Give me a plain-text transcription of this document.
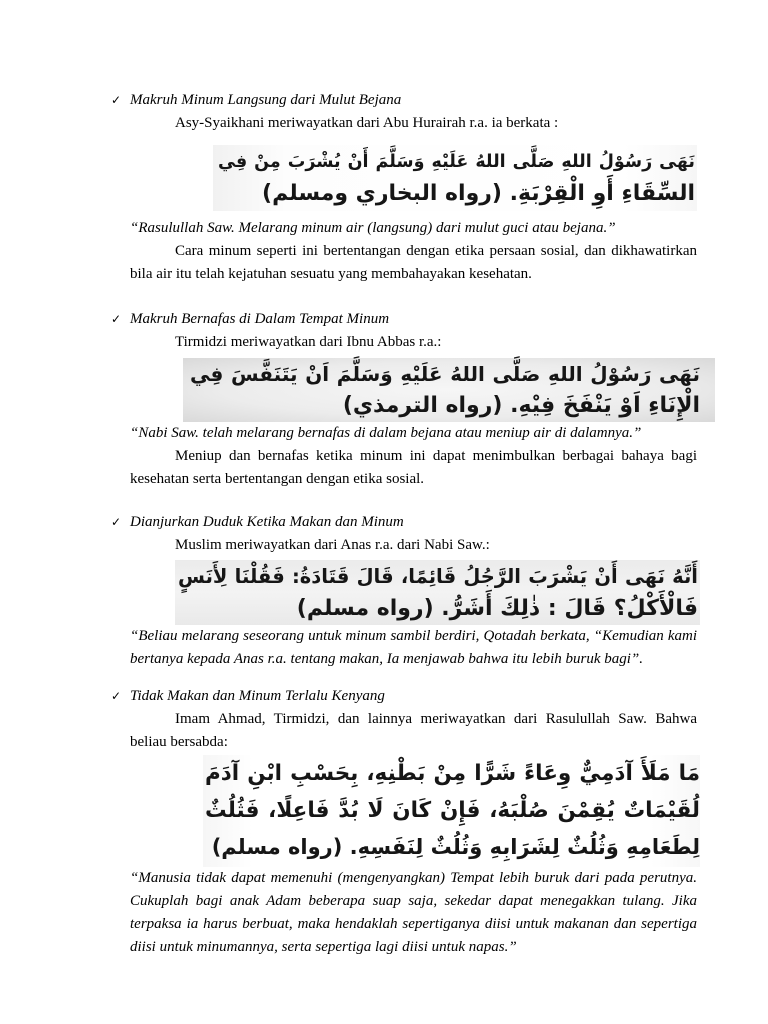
✓ Makruh Minum Langsung dari Mulut Bejana
Asy-Syaikhani meriwayatkan dari Abu Hurairah r.a. ia berkata :
نَهَى رَسُوْلُ اللهِ صَلَّى اللهُ عَلَيْهِ وَسَلَّمَ أَنْ يُشْرَبَ مِنْ فِي
السِّقَاءِ أَوِ الْقِرْبَةِ. (رواه البخاري ومسلم)
“Rasulullah Saw. Melarang minum air (langsung) dari mulut guci atau bejana.”
Cara minum seperti ini bertentangan dengan etika persaan sosial, dan dikhawatirkan
bila air itu telah kejatuhan sesuatu yang membahayakan kesehatan.
✓ Makruh Bernafas di Dalam Tempat Minum
Tirmidzi meriwayatkan dari Ibnu Abbas r.a.:
نَهَى رَسُوْلُ اللهِ صَلَّى اللهُ عَلَيْهِ وَسَلَّمَ اَنْ يَتَنَفَّسَ فِي
الْإِنَاءِ اَوْ يَنْفَخَ فِيْهِ. (رواه الترمذي)
“Nabi Saw. telah melarang bernafas di dalam bejana atau meniup air di dalamnya.”
Meniup dan bernafas ketika minum ini dapat menimbulkan berbagai bahaya bagi
kesehatan serta bertentangan dengan etika sosial.
✓ Dianjurkan Duduk Ketika Makan dan Minum
Muslim meriwayatkan dari Anas r.a. dari Nabi Saw.:
أَنَّهُ نَهَى أَنْ يَشْرَبَ الرَّجُلُ قَائِمًا، قَالَ قَتَادَةُ: فَقُلْنَا لِأَنَسٍ
فَالْأَكْلُ؟ قَالَ : ذٰلِكَ أَشَرُّ. (رواه مسلم)
“Beliau melarang seseorang untuk minum sambil berdiri, Qotadah berkata, “Kemudian kami
bertanya kepada Anas r.a. tentang makan, Ia menjawab bahwa itu lebih buruk bagi”.
✓ Tidak Makan dan Minum Terlalu Kenyang
Imam Ahmad, Tirmidzi, dan lainnya meriwayatkan dari Rasulullah Saw. Bahwa
beliau bersabda:
مَا مَلَأَ آدَمِيٌّ وِعَاءً شَرًّا مِنْ بَطْنِهِ، بِحَسْبِ ابْنِ آدَمَ
لُقَيْمَاتٌ يُقِمْنَ صُلْبَهُ، فَإِنْ كَانَ لَا بُدَّ فَاعِلًا، فَثُلُثٌ
لِطَعَامِهِ وَثُلُثٌ لِشَرَابِهِ وَثُلُثٌ لِنَفَسِهِ. (رواه مسلم)
“Manusia tidak dapat memenuhi (mengenyangkan) Tempat lebih buruk dari pada perutnya.
Cukuplah bagi anak Adam beberapa suap saja, sekedar dapat menegakkan tulang. Jika
terpaksa ia harus berbuat, maka hendaklah sepertiganya diisi untuk makanan dan sepertiga
diisi untuk minumannya, serta sepertiga lagi diisi untuk napas.”
